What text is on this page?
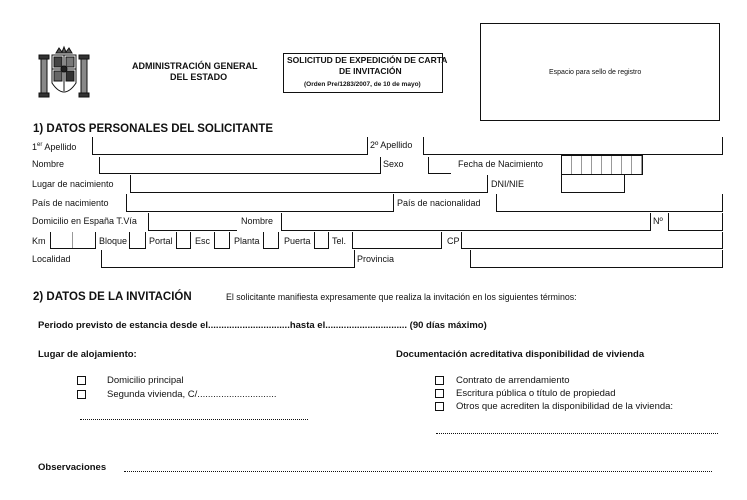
ADMINISTRACIÓN GENERAL
DEL ESTADO
SOLICITUD DE EXPEDICIÓN DE CARTA
DE INVITACIÓN
(Orden Pre/1283/2007, de 10 de mayo)
Espacio para sello de registro
1) DATOS PERSONALES DEL SOLICITANTE
1er Apellido	2º Apellido
Nombre	Sexo	Fecha de Nacimiento
Lugar de nacimiento	DNI/NIE
País de nacimiento	País de nacionalidad
Domicilio en España T.Vía	Nombre	Nº
Km	Bloque Portal Esc	Planta	Puerta Tel.	CP
Localidad	Provincia
2) DATOS DE LA INVITACIÓN	El solicitante manifiesta expresamente que realiza la invitación en los siguientes términos:
Periodo previsto de estancia desde el...............................hasta el............................... (90 días máximo)
Lugar de alojamiento:	Documentación acreditativa disponibilidad de vivienda
Domicilio principal
Segunda vivienda, C/..............................
Contrato de arrendamiento
Escritura pública o título de propiedad
Otros que acrediten la disponibilidad de la vivienda:
Observaciones
